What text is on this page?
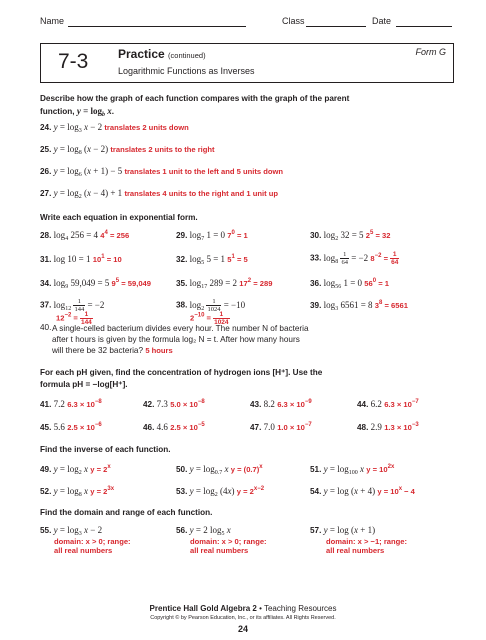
Name	Class	Date
7-3 Practice (continued)
Logarithmic Functions as Inverses
Form G
Describe how the graph of each function compares with the graph of the parent
function, $y = \log_b x$.
24. $y = \log_3 x - 2$ translates 2 units down
25. $y = \log_8 (x - 2)$ translates 2 units to the right
26. $y = \log_6 (x + 1) - 5$ translates 1 unit to the left and 5 units down
27. $y = \log_2 (x - 4) + 1$ translates 4 units to the right and 1 unit up
Write each equation in exponential form.
28. $\log_4 256 = 4$ $4^4 = 256$	29. $\log_7 1 = 0$ $7^0 = 1$	30. $\log_2 32 = 5$ $2^5 = 32$
31. log 10 = 1 $10^1 = 10$	32. $\log_5 5 = 1$ $5^1 = 5$	33. $\log_8 \frac{1}{64} = -2$ $8^{-2} = \frac{1}{64}$
34. $\log_9 59,049 = 5$ $9^5 = 59,049$	35. $\log_{17} 289 = 2$ $17^2 = 289$	36. $\log_{56} 1 = 0$ $56^0 = 1$
37. $\log_{12} \frac{1}{144} = -2$
$12^{-2} = \frac{1}{144}$
38. $\log_2 \frac{1}{1024} = -10$
$2^{-10} = \frac{1}{1024}$
39. $\log_3 6561 = 8$ $3^8 = 6561$
40. A single-celled bacterium divides every hour. The number N of bacteria
after t hours is given by the formula log₂ N = t. After how many hours
will there be 32 bacteria? 5 hours
For each pH given, find the concentration of hydrogen ions [H⁺]. Use the
formula pH = −log[H⁺].
41. 7.2 $6.3 \times 10^{-8}$	42. 7.3 $5.0 \times 10^{-8}$	43. 8.2 $6.3 \times 10^{-9}$	44. 6.2 $6.3 \times 10^{-7}$
45. 5.6 $2.5 \times 10^{-6}$	46. 4.6 $2.5 \times 10^{-5}$	47. 7.0 $1.0 \times 10^{-7}$	48. 2.9 $1.3 \times 10^{-3}$
Find the inverse of each function.
49. $y = \log_2 x$ $y = 2^x$	50. $y = \log_{0.7} x$ $y = (0.7)^x$	51. $y = \log_{100} x$ $y = 10^{2x}$
52. $y = \log_8 x$ $y = 2^{3x}$	53. $y = \log_2 (4x) y = 2^{x-2}$	54. y = log (x + 4) $y = 10^x - 4$
Find the domain and range of each function.
55. $y = \log_3 x - 2$
domain: x > 0; range:
all real numbers
56. y = 2 $\log_5 x$
domain: x > 0; range:
all real numbers
57. y = log (x + 1)
domain: x > −1; range:
all real numbers
Prentice Hall Gold Algebra 2 • Teaching Resources
Copyright © by Pearson Education, Inc., or its affiliates. All Rights Reserved.
24
